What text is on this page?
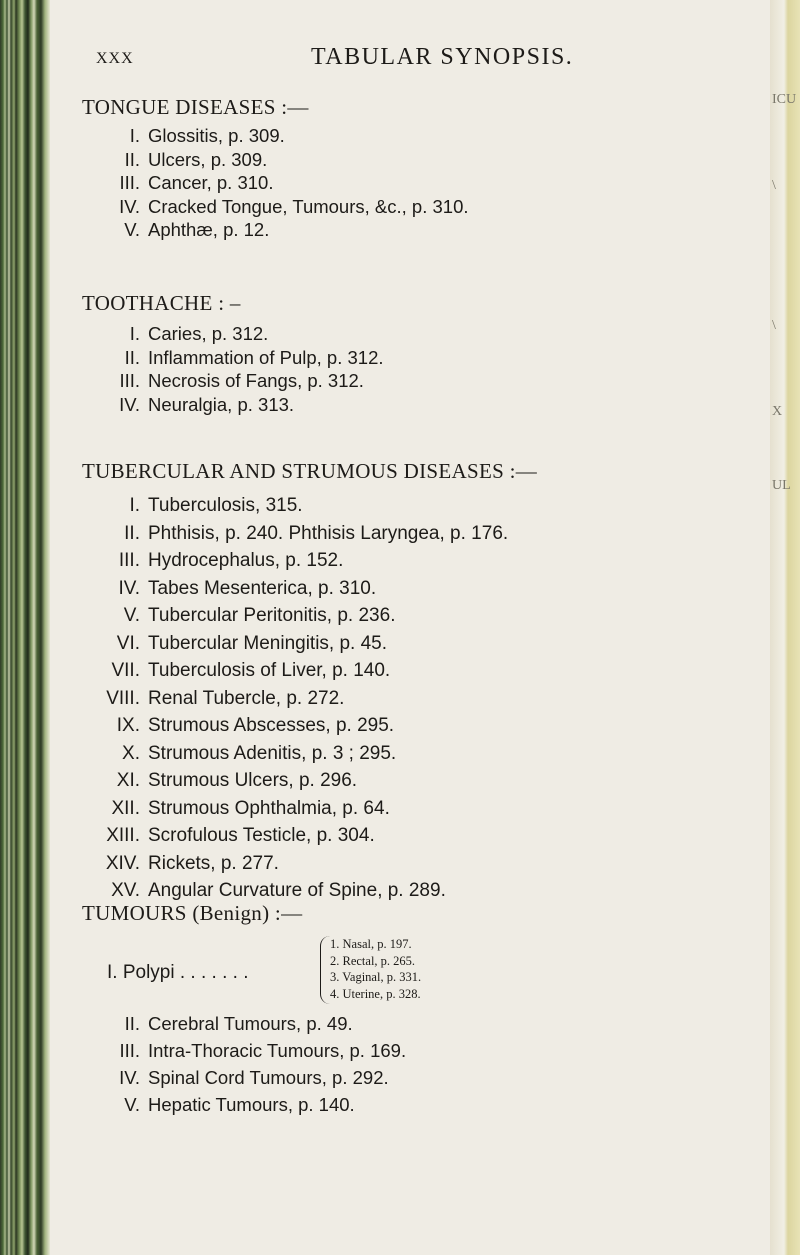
ICU
\
\
X
UL
XXX	TABULAR SYNOPSIS.
TONGUE DISEASES :—
I. Glossitis, p. 309.
II. Ulcers, p. 309.
III. Cancer, p. 310.
IV. Cracked Tongue, Tumours, &c., p. 310.
V. Aphthæ, p. 12.
TOOTHACHE : –
I. Caries, p. 312.
II. Inflammation of Pulp, p. 312.
III. Necrosis of Fangs, p. 312.
IV. Neuralgia, p. 313.
TUBERCULAR AND STRUMOUS DISEASES :—
I. Tuberculosis, 315.
II. Phthisis, p. 240. Phthisis Laryngea, p. 176.
III. Hydrocephalus, p. 152.
IV. Tabes Mesenterica, p. 310.
V. Tubercular Peritonitis, p. 236.
VI. Tubercular Meningitis, p. 45.
VII. Tuberculosis of Liver, p. 140.
VIII. Renal Tubercle, p. 272.
IX. Strumous Abscesses, p. 295.
X. Strumous Adenitis, p. 3 ; 295.
XI. Strumous Ulcers, p. 296.
XII. Strumous Ophthalmia, p. 64.
XIII. Scrofulous Testicle, p. 304.
XIV. Rickets, p. 277.
XV. Angular Curvature of Spine, p. 289.
TUMOURS (Benign) :—
I. Polypi . . . . . . .
1. Nasal, p. 197.
2. Rectal, p. 265.
3. Vaginal, p. 331.
4. Uterine, p. 328.
II. Cerebral Tumours, p. 49.
III. Intra-Thoracic Tumours, p. 169.
IV. Spinal Cord Tumours, p. 292.
V. Hepatic Tumours, p. 140.
